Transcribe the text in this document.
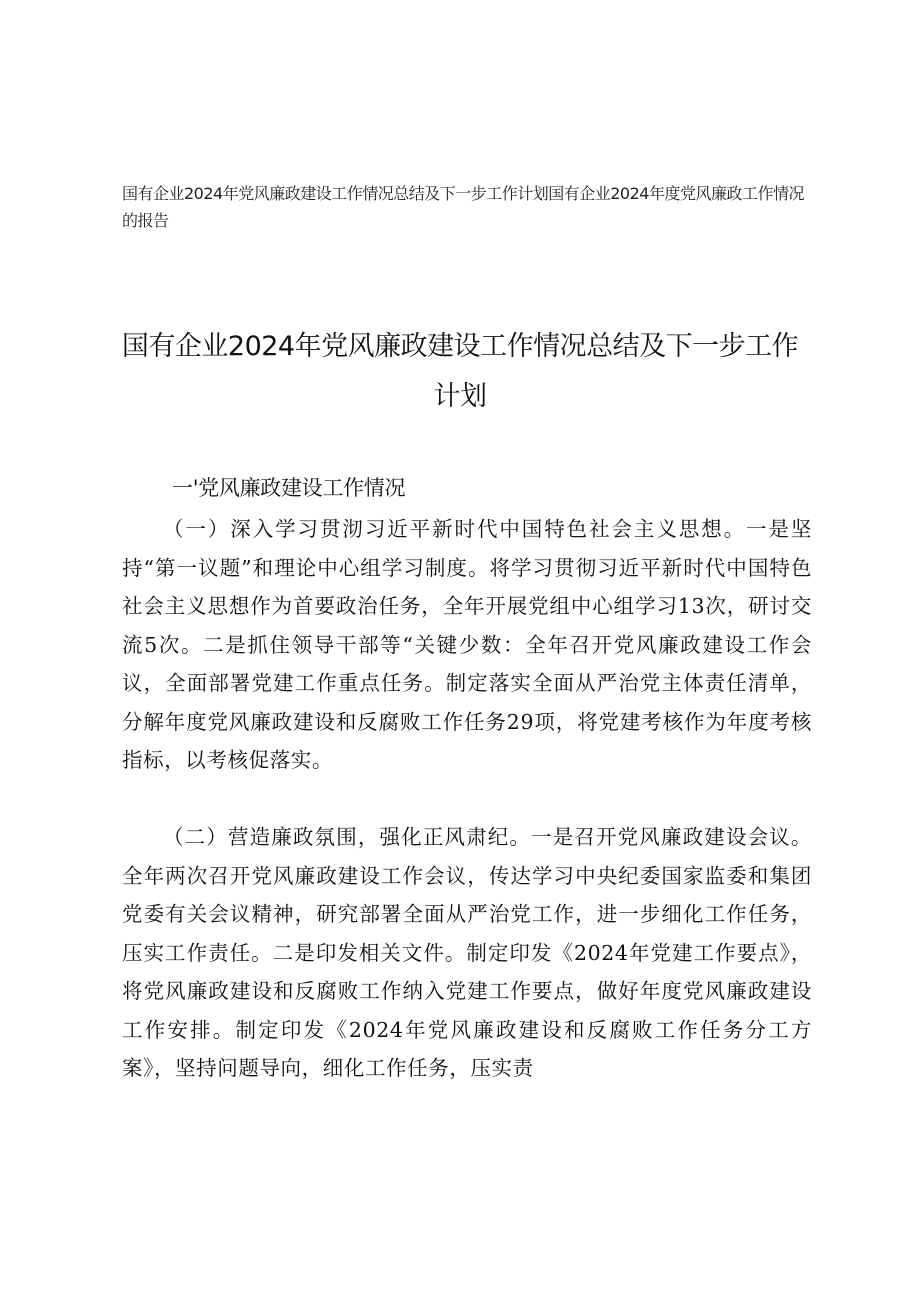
国有企业2024年党风廉政建设工作情况总结及下一步工作计划国有企业2024年度党风廉政工作情况的报告
国有企业2024年党风廉政建设工作情况总结及下一步工作计划
一'党风廉政建设工作情况

（一）深入学习贯沏习近平新时代中国特色社会主义思想。一是坚持“第一议题”和理论中心组学习制度。将学习贯彻习近平新时代中国特色社会主义思想作为首要政治任务，全年开展党组中心组学习13次，研讨交流5次。二是抓住领导干部等“关键少数：全年召开党风廉政建设工作会议，全面部署党建工作重点任务。制定落实全面从严治党主体责任清单，分解年度党风廉政建设和反腐败工作任务29项，将党建考核作为年度考核指标，以考核促落实。

（二）营造廉政氛围，强化正风肃纪。一是召开党风廉政建设会议。全年两次召开党风廉政建设工作会议，传达学习中央纪委国家监委和集团党委有关会议精神，研究部署全面从严治党工作，进一步细化工作任务，压实工作责任。二是印发相关文件。制定印发《2024年党建工作要点》，将党风廉政建设和反腐败工作纳入党建工作要点，做好年度党风廉政建设工作安排。制定印发《2024年党风廉政建设和反腐败工作任务分工方案》，坚持问题导向，细化工作任务，压实责
